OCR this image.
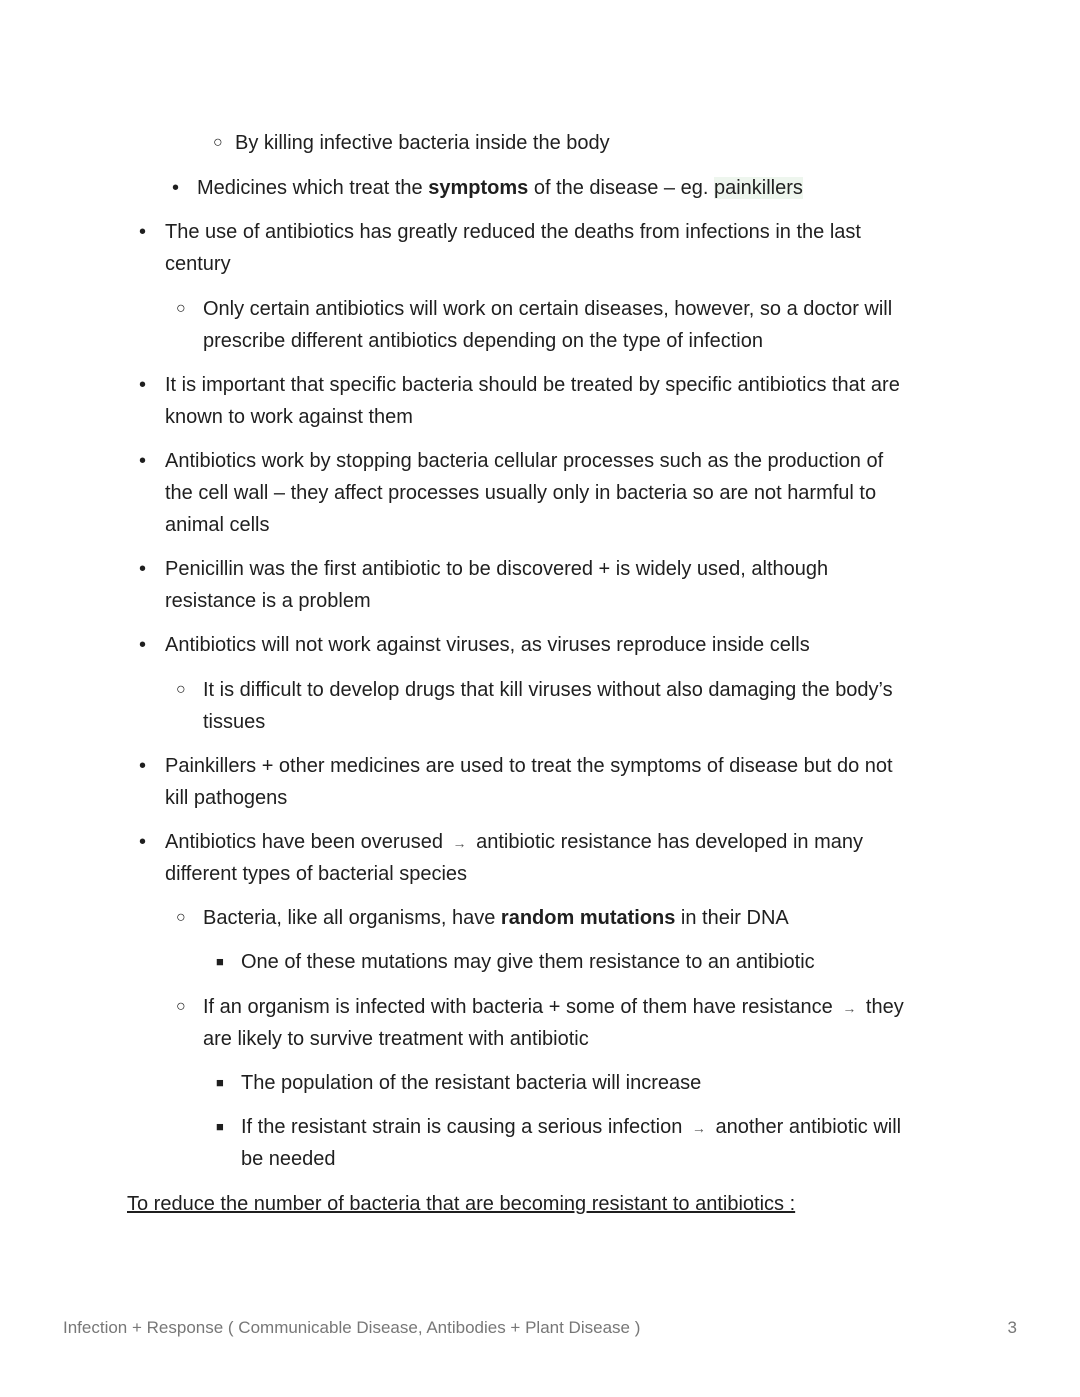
○ By killing infective bacteria inside the body
• Medicines which treat the symptoms of the disease – eg. painkillers
• The use of antibiotics has greatly reduced the deaths from infections in the last
century
○ Only certain antibiotics will work on certain diseases, however, so a doctor will
prescribe different antibiotics depending on the type of infection
• It is important that specific bacteria should be treated by specific antibiotics that are
known to work against them
• Antibiotics work by stopping bacteria cellular processes such as the production of
the cell wall – they affect processes usually only in bacteria so are not harmful to
animal cells
• Penicillin was the first antibiotic to be discovered + is widely used, although
resistance is a problem
• Antibiotics will not work against viruses, as viruses reproduce inside cells
○ It is difficult to develop drugs that kill viruses without also damaging the body’s
tissues
• Painkillers + other medicines are used to treat the symptoms of disease but do not
kill pathogens
• Antibiotics have been overused → antibiotic resistance has developed in many
different types of bacterial species
○ Bacteria, like all organisms, have random mutations in their DNA
■ One of these mutations may give them resistance to an antibiotic
○ If an organism is infected with bacteria + some of them have resistance → they
are likely to survive treatment with antibiotic
■ The population of the resistant bacteria will increase
■ If the resistant strain is causing a serious infection → another antibiotic will
be needed
To reduce the number of bacteria that are becoming resistant to antibiotics :
Infection + Response ( Communicable Disease, Antibodies + Plant Disease )	3
